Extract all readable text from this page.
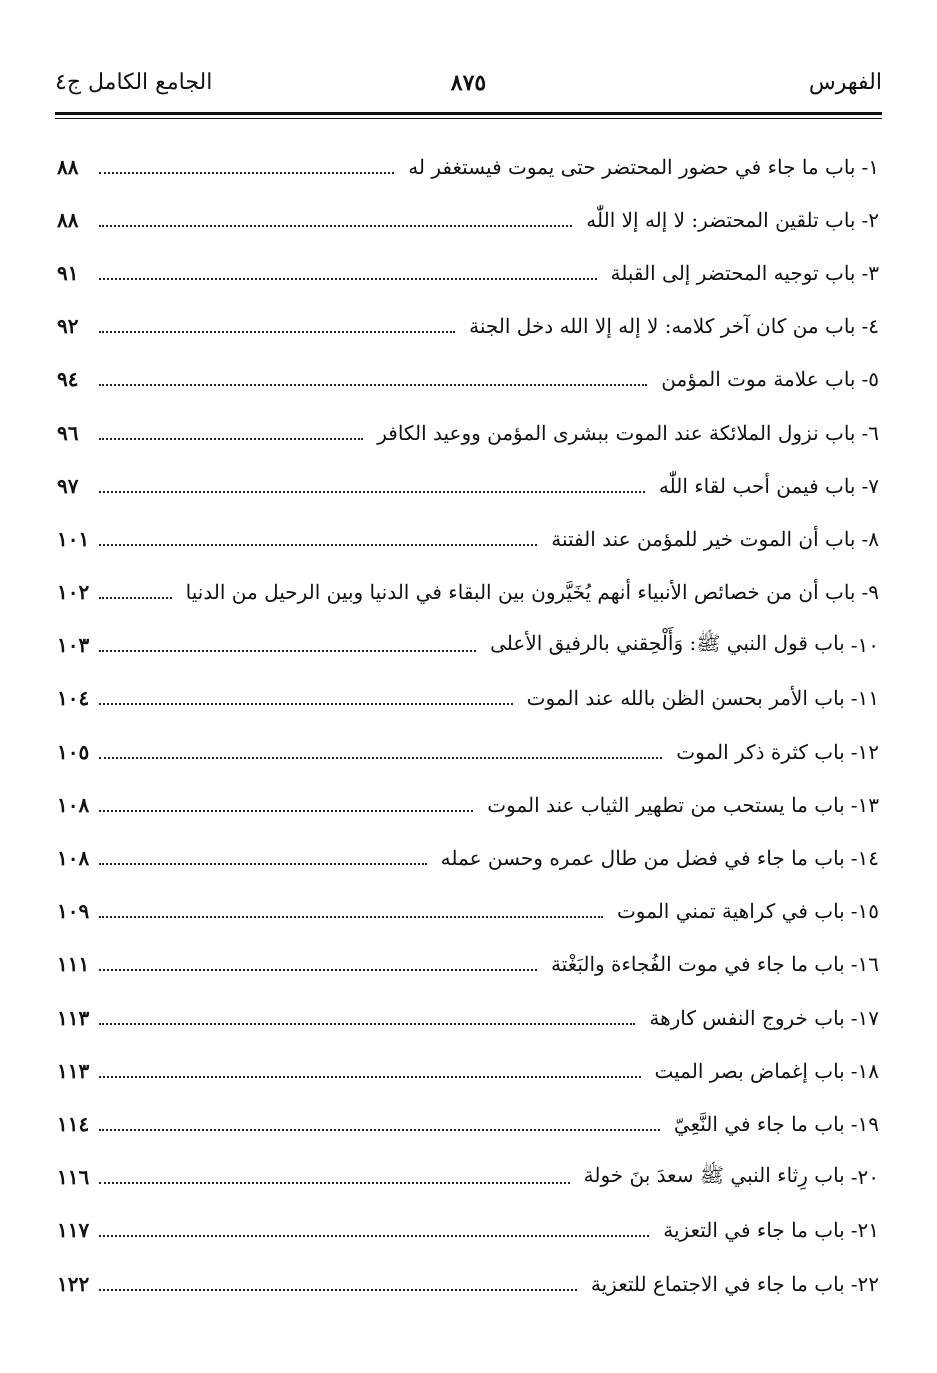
الفهرس
٨٧٥
الجامع الكامل ج٤
١-
باب ما جاء في حضور المحتضر حتى يموت فيستغفر له
٨٨
٢-
باب تلقين المحتضر: لا إله إلا اللّٰه
٨٨
٣-
باب توجيه المحتضر إلى القبلة
٩١
٤-
باب من كان آخر كلامه: لا إله إلا الله دخل الجنة
٩٢
٥-
باب علامة موت المؤمن
٩٤
٦-
باب نزول الملائكة عند الموت ببشرى المؤمن ووعيد الكافر
٩٦
٧-
باب فيمن أحب لقاء اللّٰه
٩٧
٨-
باب أن الموت خير للمؤمن عند الفتنة
١٠١
٩-
باب أن من خصائص الأنبياء أنهم يُخَيَّرون بين البقاء في الدنيا وبين الرحيل من الدنيا
١٠٢
١٠-
باب قول النبي ﷺ: وَأَلْحِقني بالرفيق الأعلى
١٠٣
١١-
باب الأمر بحسن الظن بالله عند الموت
١٠٤
١٢-
باب كثرة ذكر الموت
١٠٥
١٣-
باب ما يستحب من تطهير الثياب عند الموت
١٠٨
١٤-
باب ما جاء في فضل من طال عمره وحسن عمله
١٠٨
١٥-
باب في كراهية تمني الموت
١٠٩
١٦-
باب ما جاء في موت الفُجاءة والبَغْتة
١١١
١٧-
باب خروج النفس كارهة
١١٣
١٨-
باب إغماض بصر الميت
١١٣
١٩-
باب ما جاء في النَّعِيّ
١١٤
٢٠-
باب رِثاء النبي ﷺ سعدَ بنَ خولة
١١٦
٢١-
باب ما جاء في التعزية
١١٧
٢٢-
باب ما جاء في الاجتماع للتعزية
١٢٢
